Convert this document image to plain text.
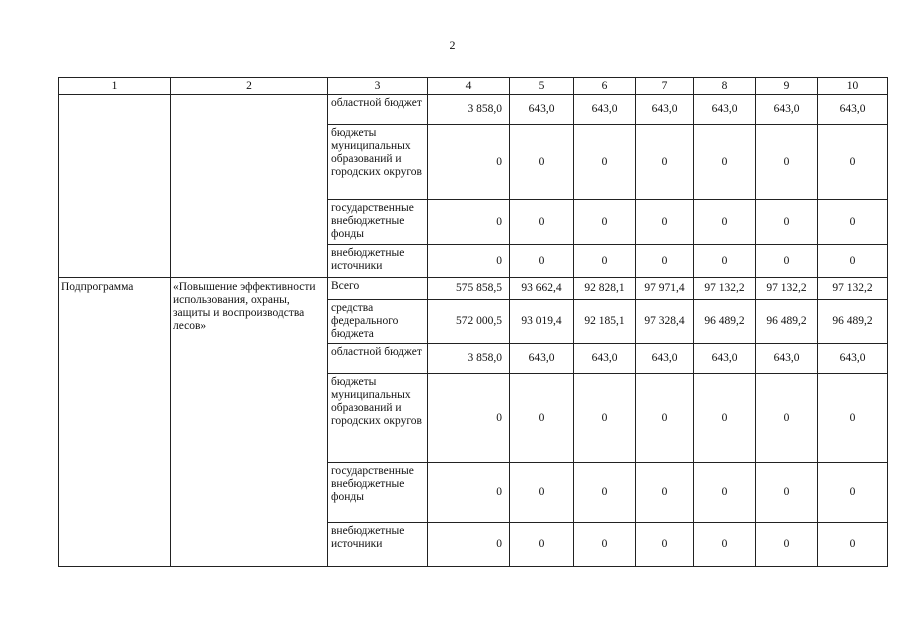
2
1	2	3	4	5	6	7	8	9	10
		областной бюджет	3 858,0	643,0	643,0	643,0	643,0	643,0	643,0
		бюджеты муниципальных образований и городских округов	0	0	0	0	0	0	0
		государственные внебюджетные фонды	0	0	0	0	0	0	0
		внебюджетные источники	0	0	0	0	0	0	0
Подпрограмма	«Повышение эффективности использования, охраны, защиты и воспроизводства лесов»	Всего	575 858,5	93 662,4	92 828,1	97 971,4	97 132,2	97 132,2	97 132,2
		средства федерального бюджета	572 000,5	93 019,4	92 185,1	97 328,4	96 489,2	96 489,2	96 489,2
		областной бюджет	3 858,0	643,0	643,0	643,0	643,0	643,0	643,0
		бюджеты муниципальных образований и городских округов	0	0	0	0	0	0	0
		государственные внебюджетные фонды	0	0	0	0	0	0	0
		внебюджетные источники	0	0	0	0	0	0	0
